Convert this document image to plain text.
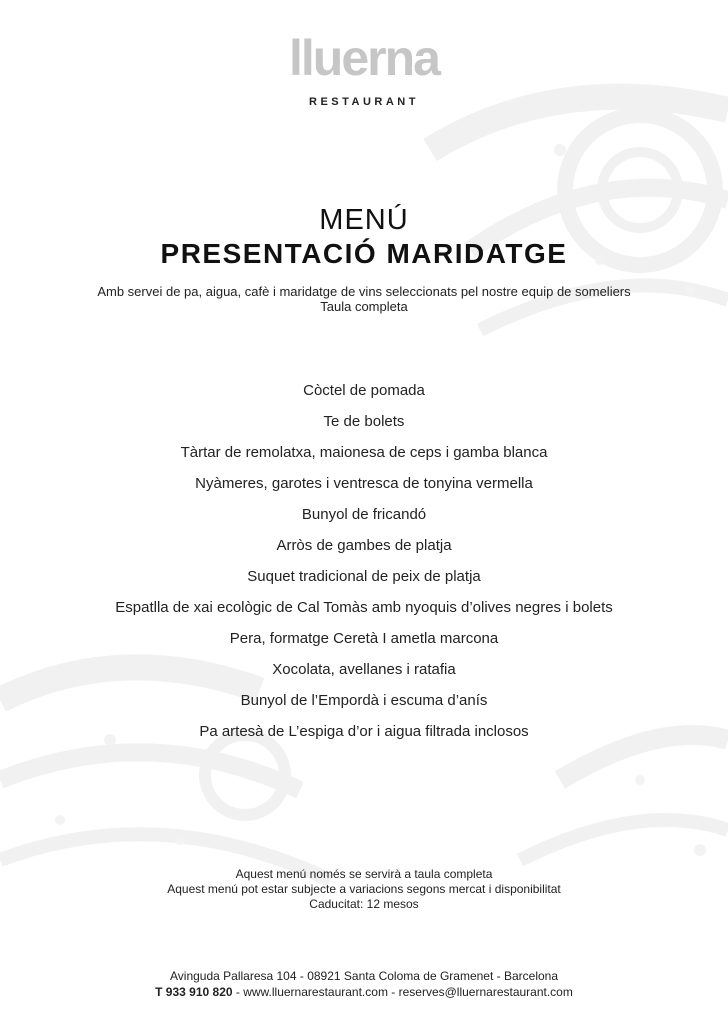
lluerna
RESTAURANT
MENÚ
PRESENTACIÓ MARIDATGE
Amb servei de pa, aigua, cafè i maridatge de vins seleccionats pel nostre equip de someliers
Taula completa
Còctel de pomada
Te de bolets
Tàrtar de remolatxa, maionesa de ceps i gamba blanca
Nyàmeres, garotes i ventresca de tonyina vermella
Bunyol de fricandó
Arròs de gambes de platja
Suquet tradicional de peix de platja
Espatlla de xai ecològic de Cal Tomàs amb nyoquis d’olives negres i bolets
Pera, formatge Ceretà I ametla marcona
Xocolata, avellanes i ratafia
Bunyol de l’Empordà i escuma d’anís
Pa artesà de L’espiga d’or i aigua filtrada inclosos
Aquest menú només se servirà a taula completa
Aquest menú pot estar subjecte a variacions segons mercat i disponibilitat
Caducitat: 12 mesos
Avinguda Pallaresa 104 - 08921 Santa Coloma de Gramenet - Barcelona
T 933 910 820 - www.lluernarestaurant.com - reserves@lluernarestaurant.com
